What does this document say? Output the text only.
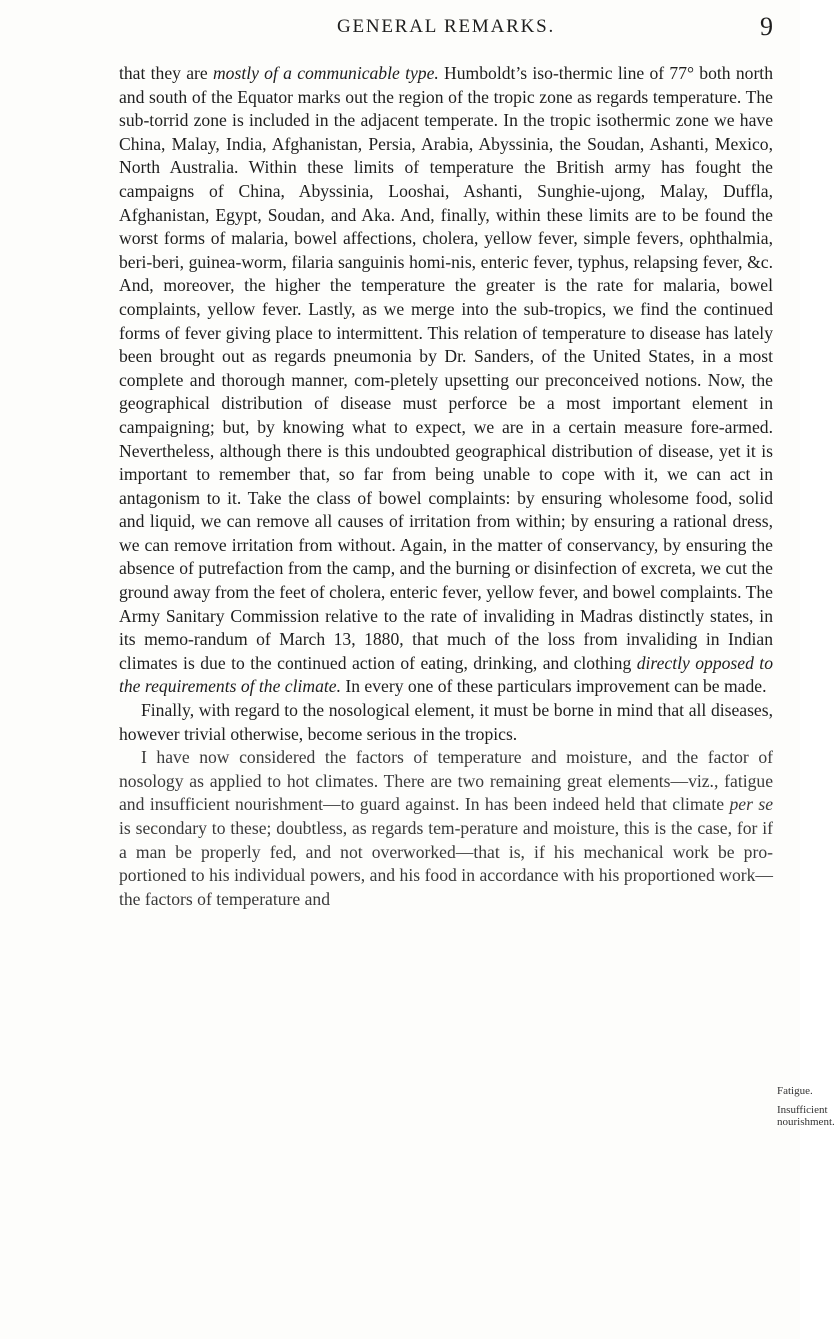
GENERAL REMARKS.	9

that they are mostly of a communicable type. Humboldt’s iso-thermic line of 77° both north and south of the Equator marks out the region of the tropic zone as regards temperature. The sub-torrid zone is included in the adjacent temperate. In the tropic isothermic zone we have China, Malay, India, Afghanistan, Persia, Arabia, Abyssinia, the Soudan, Ashanti, Mexico, North Australia. Within these limits of temperature the British army has fought the campaigns of China, Abyssinia, Looshai, Ashanti, Sunghie-ujong, Malay, Duffla, Afghanistan, Egypt, Soudan, and Aka. And, finally, within these limits are to be found the worst forms of malaria, bowel affections, cholera, yellow fever, simple fevers, ophthalmia, beri-beri, guinea-worm, filaria sanguinis homi-nis, enteric fever, typhus, relapsing fever, &c. And, moreover, the higher the temperature the greater is the rate for malaria, bowel complaints, yellow fever. Lastly, as we merge into the sub-tropics, we find the continued forms of fever giving place to intermittent. This relation of temperature to disease has lately been brought out as regards pneumonia by Dr. Sanders, of the United States, in a most complete and thorough manner, com-pletely upsetting our preconceived notions. Now, the geographical distribution of disease must perforce be a most important element in campaigning; but, by knowing what to expect, we are in a certain measure fore-armed. Nevertheless, although there is this undoubted geographical distribution of disease, yet it is important to remember that, so far from being unable to cope with it, we can act in antagonism to it. Take the class of bowel complaints: by ensuring wholesome food, solid and liquid, we can remove all causes of irritation from within; by ensuring a rational dress, we can remove irritation from without. Again, in the matter of conservancy, by ensuring the absence of putrefaction from the camp, and the burning or disinfection of excreta, we cut the ground away from the feet of cholera, enteric fever, yellow fever, and bowel complaints. The Army Sanitary Commission relative to the rate of invaliding in Madras distinctly states, in its memo-randum of March 13, 1880, that much of the loss from invaliding in Indian climates is due to the continued action of eating, drinking, and clothing directly opposed to the requirements of the climate. In every one of these particulars improvement can be made.

Finally, with regard to the nosological element, it must be borne in mind that all diseases, however trivial otherwise, become serious in the tropics.

I have now considered the factors of temperature and moisture, and the factor of nosology as applied to hot climates. There are two remaining great elements—viz., fatigue and insufficient nourishment—to guard against. In has been indeed held that climate per se is secondary to these; doubtless, as regards tem-perature and moisture, this is the case, for if a man be properly fed, and not overworked—that is, if his mechanical work be pro-portioned to his individual powers, and his food in accordance with his proportioned work—the factors of temperature and

Fatigue.
Insufficient
nourishment.
